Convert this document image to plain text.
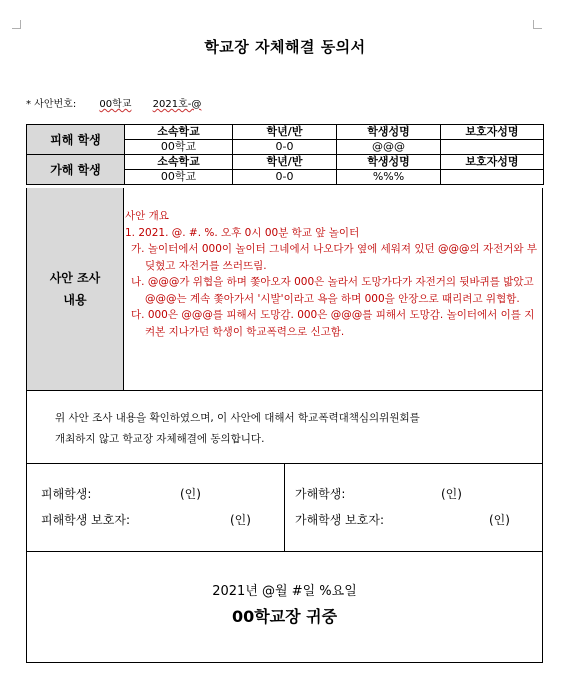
학교장 자체해결 동의서
* 사안번호: 00학교 2021호-@
피해 학생	소속학교	학년/반	학생성명	보호자성명
	00학교	0-0	@@@	
가해 학생	소속학교	학년/반	학생성명	보호자성명
	00학교	0-0	%%%	
사안 조사
내용
사안 개요
1. 2021. @. #. %. 오후 0시 00분 학교 앞 놀이터
가. 놀이터에서 000이 놀이터 그네에서 나오다가 옆에 세워져 있던 @@@의 자전거와 부딪혔고 자전거를 쓰러뜨림.
나. @@@가 위협을 하며 쫓아오자 000은 놀라서 도망가다가 자전거의 뒷바퀴를 밟았고 @@@는 계속 쫓아가서 '시발'이라고 욕을 하며 000을 안장으로 때리려고 위협함.
다. 000은 @@@를 피해서 도망감. 000은 @@@를 피해서 도망감. 놀이터에서 이를 지켜본 지나가던 학생이 학교폭력으로 신고함.
위 사안 조사 내용을 확인하였으며, 이 사안에 대해서 학교폭력대책심의위원회를
개최하지 않고 학교장 자체해결에 동의합니다.
피해학생:	(인)
피해학생 보호자:	(인)
가해학생:	(인)
가해학생 보호자:	(인)
2021년 @월 #일 %요일
00학교장 귀중
